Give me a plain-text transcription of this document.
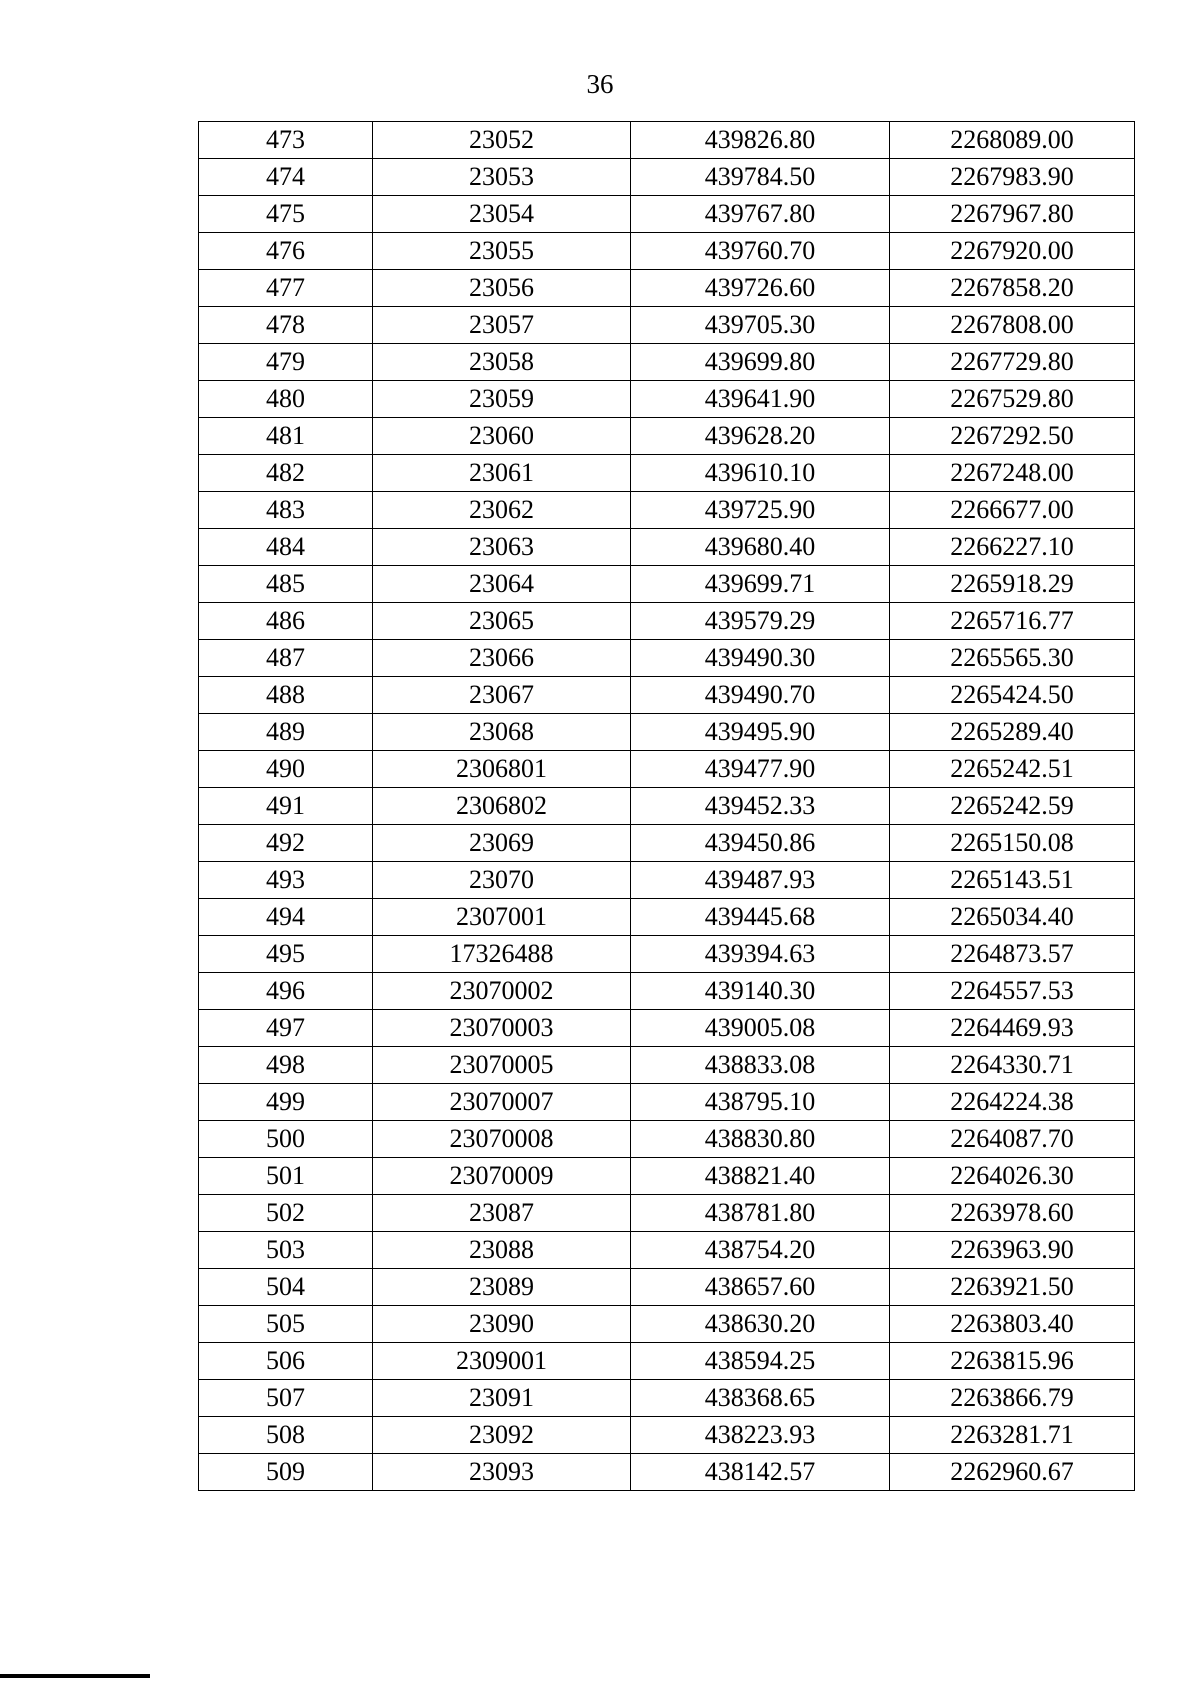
36
473	23052	439826.80	2268089.00
474	23053	439784.50	2267983.90
475	23054	439767.80	2267967.80
476	23055	439760.70	2267920.00
477	23056	439726.60	2267858.20
478	23057	439705.30	2267808.00
479	23058	439699.80	2267729.80
480	23059	439641.90	2267529.80
481	23060	439628.20	2267292.50
482	23061	439610.10	2267248.00
483	23062	439725.90	2266677.00
484	23063	439680.40	2266227.10
485	23064	439699.71	2265918.29
486	23065	439579.29	2265716.77
487	23066	439490.30	2265565.30
488	23067	439490.70	2265424.50
489	23068	439495.90	2265289.40
490	2306801	439477.90	2265242.51
491	2306802	439452.33	2265242.59
492	23069	439450.86	2265150.08
493	23070	439487.93	2265143.51
494	2307001	439445.68	2265034.40
495	17326488	439394.63	2264873.57
496	23070002	439140.30	2264557.53
497	23070003	439005.08	2264469.93
498	23070005	438833.08	2264330.71
499	23070007	438795.10	2264224.38
500	23070008	438830.80	2264087.70
501	23070009	438821.40	2264026.30
502	23087	438781.80	2263978.60
503	23088	438754.20	2263963.90
504	23089	438657.60	2263921.50
505	23090	438630.20	2263803.40
506	2309001	438594.25	2263815.96
507	23091	438368.65	2263866.79
508	23092	438223.93	2263281.71
509	23093	438142.57	2262960.67
